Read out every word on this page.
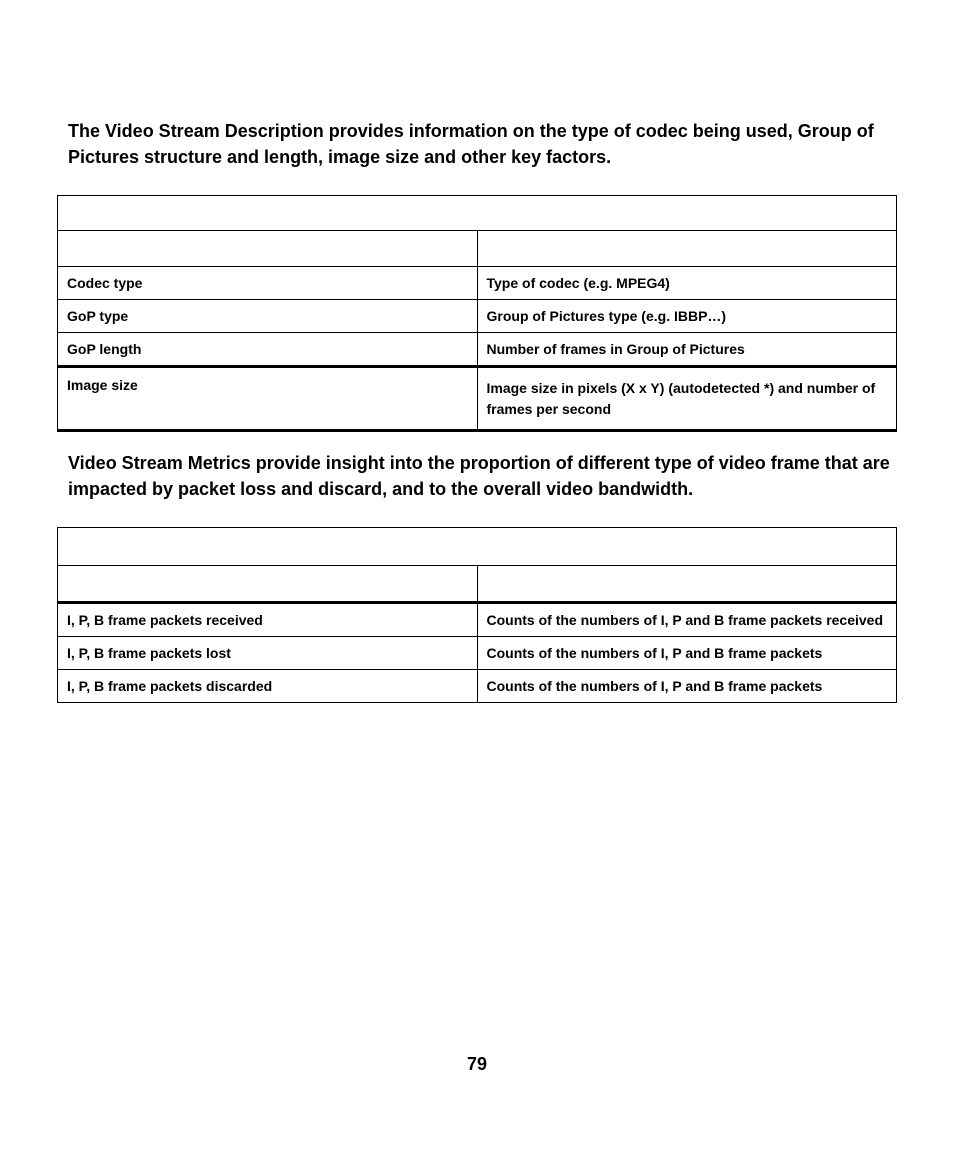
The Video Stream Description provides information on the type of codec being used, Group of Pictures structure and length, image size and other key factors.

Codec type	Type of codec (e.g. MPEG4)
GoP type	Group of Pictures type (e.g. IBBP…)
GoP length	Number of frames in Group of Pictures
Image size	Image size in pixels (X x Y) (autodetected *) and number of frames per second

Video Stream Metrics provide insight into the proportion of different type of video frame that are impacted by packet loss and discard, and to the overall video bandwidth.

I, P, B frame packets received	Counts of the numbers of I, P and B frame packets received
I, P, B frame packets lost	Counts of the numbers of I, P and B frame packets
I, P, B frame packets discarded	Counts of the numbers of I, P and B frame packets
79
